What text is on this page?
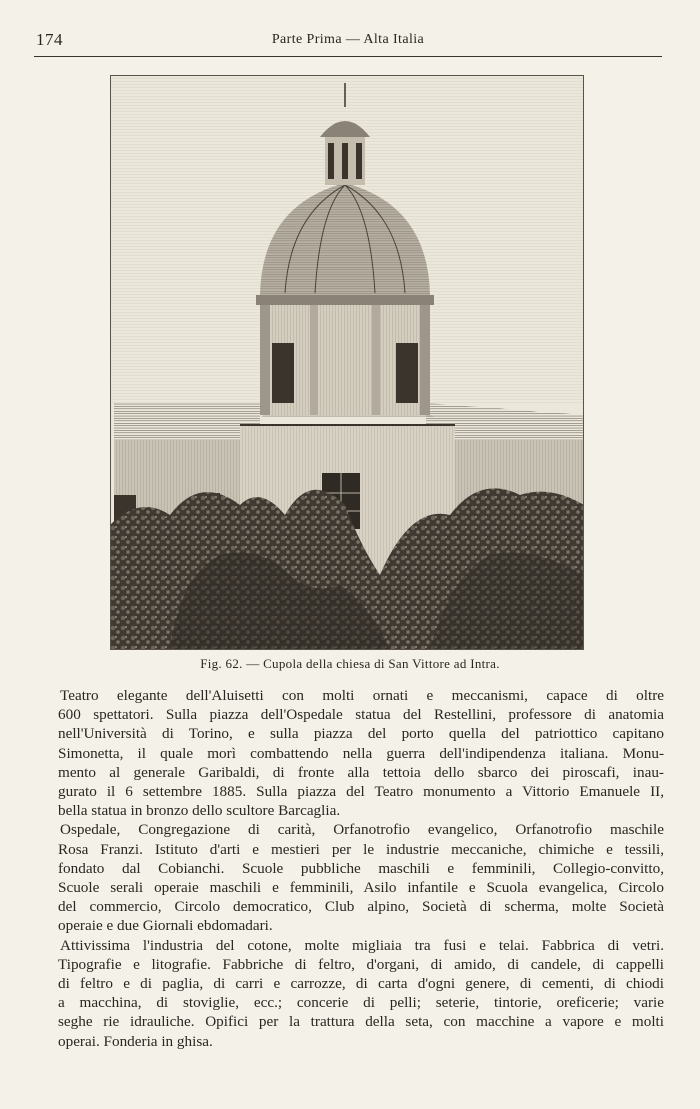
174	Parte Prima — Alta Italia
Fig. 62. — Cupola della chiesa di San Vittore ad Intra.
Teatro elegante dell'Aluisetti con molti ornati e meccanismi, capace di oltre
600 spettatori. Sulla piazza dell'Ospedale statua del Restellini, professore di anatomia
nell'Università di Torino, e sulla piazza del porto quella del patriottico capitano
Simonetta, il quale morì combattendo nella guerra dell'indipendenza italiana. Monu-
mento al generale Garibaldi, di fronte alla tettoia dello sbarco dei piroscafi, inau-
gurato il 6 settembre 1885. Sulla piazza del Teatro monumento a Vittorio Emanuele II,
bella statua in bronzo dello scultore Barcaglia.
Ospedale, Congregazione di carità, Orfanotrofio evangelico, Orfanotrofio maschile
Rosa Franzi. Istituto d'arti e mestieri per le industrie meccaniche, chimiche e tessili,
fondato dal Cobianchi. Scuole pubbliche maschili e femminili, Collegio-convitto,
Scuole serali operaie maschili e femminili, Asilo infantile e Scuola evangelica, Circolo
del commercio, Circolo democratico, Club alpino, Società di scherma, molte Società
operaie e due Giornali ebdomadari.
Attivissima l'industria del cotone, molte migliaia tra fusi e telai. Fabbrica di vetri.
Tipografie e litografie. Fabbriche di feltro, d'organi, di amido, di candele, di cappelli
di feltro e di paglia, di carri e carrozze, di carta d'ogni genere, di cementi, di chiodi
a macchina, di stoviglie, ecc.; concerie di pelli; seterie, tintorie, oreficerie; varie
seghe rie idrauliche. Opifici per la trattura della seta, con macchine a vapore e molti
operai. Fonderia in ghisa.
